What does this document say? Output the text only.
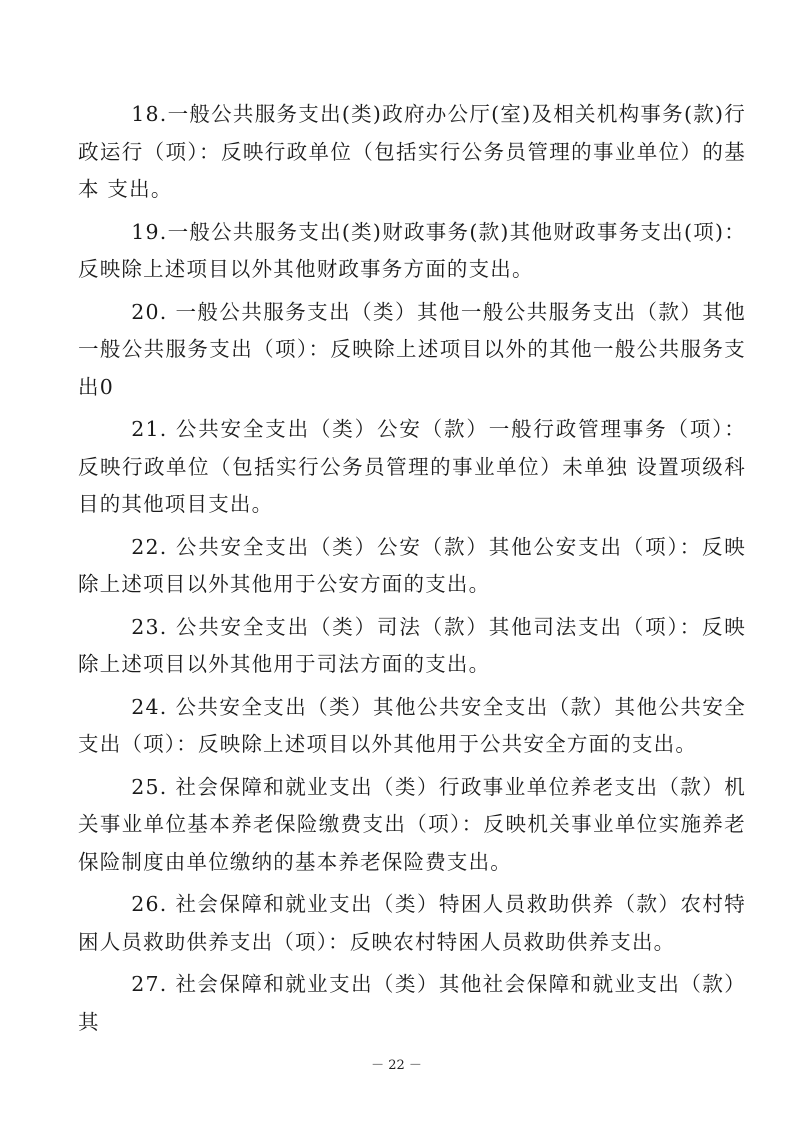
18.一般公共服务支出(类)政府办公厅(室)及相关机构事务(款)行政运行（项）：反映行政单位（包括实行公务员管理的事业单位）的基本 支出。

19.一般公共服务支出(类)财政事务(款)其他财政事务支出(项)：反映除上述项目以外其他财政事务方面的支出。

20. 一般公共服务支出（类）其他一般公共服务支出（款）其他一般公共服务支出（项）：反映除上述项目以外的其他一般公共服务支出0

21. 公共安全支出（类）公安（款）一般行政管理事务（项）：反映行政单位（包括实行公务员管理的事业单位）未单独 设置项级科目的其他项目支出。

22. 公共安全支出（类）公安（款）其他公安支出（项）：反映除上述项目以外其他用于公安方面的支出。

23. 公共安全支出（类）司法（款）其他司法支出（项）：反映除上述项目以外其他用于司法方面的支出。

24. 公共安全支出（类）其他公共安全支出（款）其他公共安全支出（项）：反映除上述项目以外其他用于公共安全方面的支出。

25. 社会保障和就业支出（类）行政事业单位养老支出（款）机关事业单位基本养老保险缴费支出（项）：反映机关事业单位实施养老保险制度由单位缴纳的基本养老保险费支出。

26. 社会保障和就业支出（类）特困人员救助供养（款）农村特困人员救助供养支出（项）：反映农村特困人员救助供养支出。

27. 社会保障和就业支出（类）其他社会保障和就业支出（款）其

－ 22 －
